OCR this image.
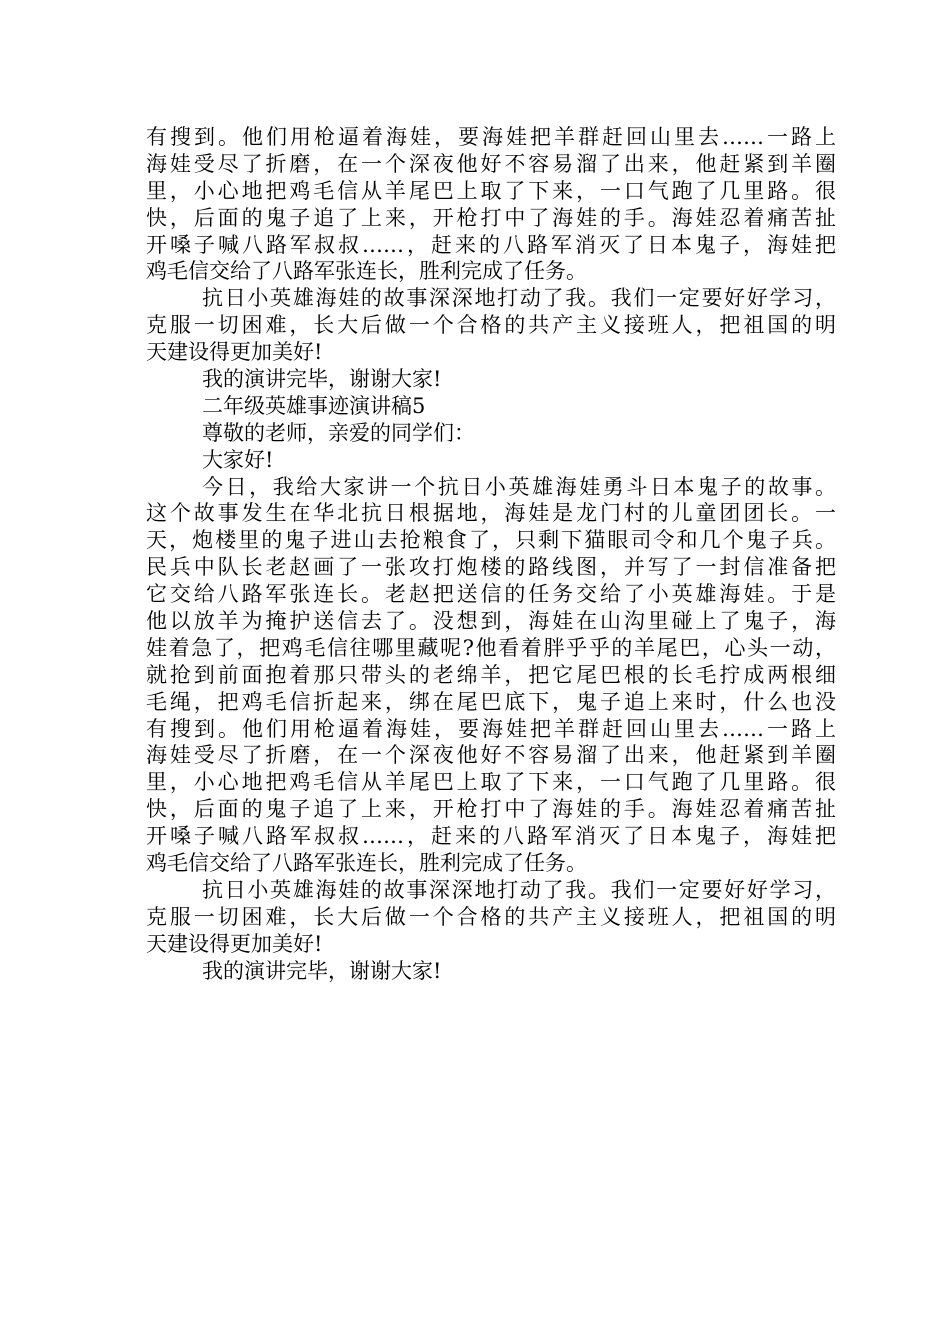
有搜到。他们用枪逼着海娃，要海娃把羊群赶回山里去……一路上
海娃受尽了折磨，在一个深夜他好不容易溜了出来，他赶紧到羊圈
里，小心地把鸡毛信从羊尾巴上取了下来，一口气跑了几里路。很
快，后面的鬼子追了上来，开枪打中了海娃的手。海娃忍着痛苦扯
开嗓子喊八路军叔叔……，赶来的八路军消灭了日本鬼子，海娃把
鸡毛信交给了八路军张连长，胜利完成了任务。
抗日小英雄海娃的故事深深地打动了我。我们一定要好好学习，
克服一切困难，长大后做一个合格的共产主义接班人，把祖国的明
天建设得更加美好!
我的演讲完毕，谢谢大家!
二年级英雄事迹演讲稿5
尊敬的老师，亲爱的同学们：
大家好!
今日，我给大家讲一个抗日小英雄海娃勇斗日本鬼子的故事。
这个故事发生在华北抗日根据地，海娃是龙门村的儿童团团长。一
天，炮楼里的鬼子进山去抢粮食了，只剩下猫眼司令和几个鬼子兵。
民兵中队长老赵画了一张攻打炮楼的路线图，并写了一封信准备把
它交给八路军张连长。老赵把送信的任务交给了小英雄海娃。于是
他以放羊为掩护送信去了。没想到，海娃在山沟里碰上了鬼子，海
娃着急了，把鸡毛信往哪里藏呢?他看着胖乎乎的羊尾巴，心头一动，
就抢到前面抱着那只带头的老绵羊，把它尾巴根的长毛拧成两根细
毛绳，把鸡毛信折起来，绑在尾巴底下，鬼子追上来时，什么也没
有搜到。他们用枪逼着海娃，要海娃把羊群赶回山里去……一路上
海娃受尽了折磨，在一个深夜他好不容易溜了出来，他赶紧到羊圈
里，小心地把鸡毛信从羊尾巴上取了下来，一口气跑了几里路。很
快，后面的鬼子追了上来，开枪打中了海娃的手。海娃忍着痛苦扯
开嗓子喊八路军叔叔……，赶来的八路军消灭了日本鬼子，海娃把
鸡毛信交给了八路军张连长，胜利完成了任务。
抗日小英雄海娃的故事深深地打动了我。我们一定要好好学习，
克服一切困难，长大后做一个合格的共产主义接班人，把祖国的明
天建设得更加美好!
我的演讲完毕，谢谢大家!
